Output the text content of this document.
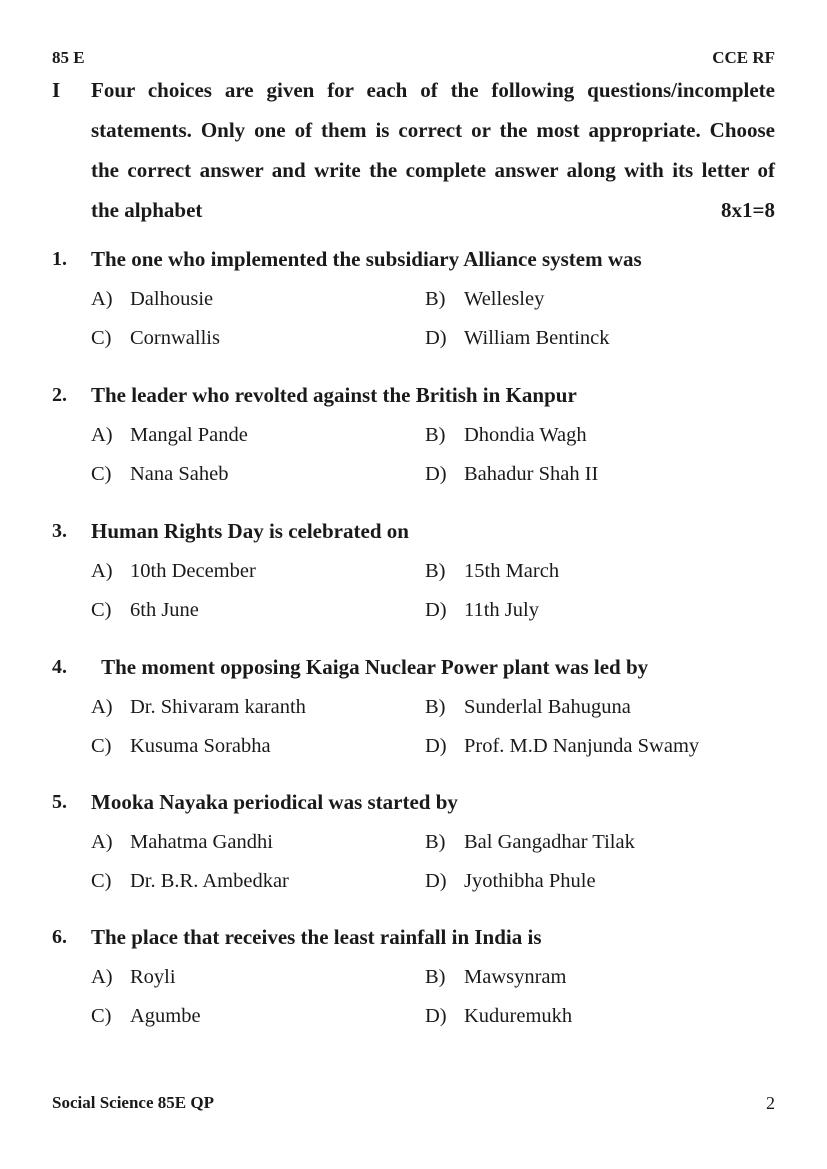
85 E	CCE RF
I Four choices are given for each of the following questions/incomplete
statements. Only one of them is correct or the most appropriate. Choose
the correct answer and write the complete answer along with its letter of
the alphabet	8x1=8
1. The one who implemented the subsidiary Alliance system was
A) Dalhousie	B) Wellesley
C) Cornwallis	D) William Bentinck
2. The leader who revolted against the British in Kanpur
A) Mangal Pande	B) Dhondia Wagh
C) Nana Saheb	D) Bahadur Shah II
3. Human Rights Day is celebrated on
A) 10th December	B) 15th March
C) 6th June	D) 11th July
4. The moment opposing Kaiga Nuclear Power plant was led by
A) Dr. Shivaram karanth	B) Sunderlal Bahuguna
C) Kusuma Sorabha	D) Prof. M.D Nanjunda Swamy
5. Mooka Nayaka periodical was started by
A) Mahatma Gandhi	B) Bal Gangadhar Tilak
C) Dr. B.R. Ambedkar	D) Jyothibha Phule
6. The place that receives the least rainfall in India is
A) Royli	B) Mawsynram
C) Agumbe	D) Kuduremukh
Social Science 85E QP	2
